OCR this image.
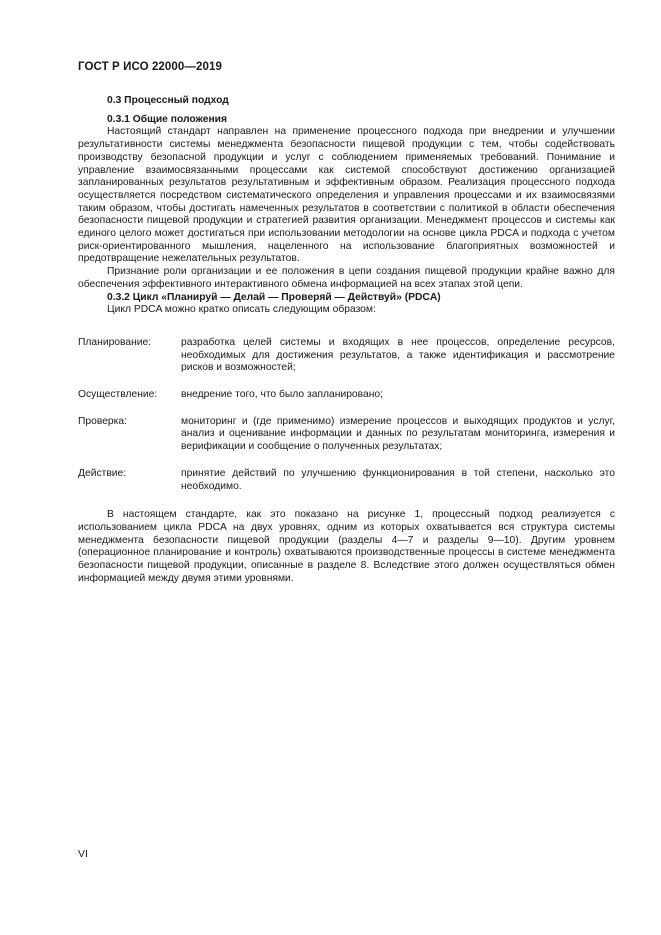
ГОСТ Р ИСО 22000—2019
0.3 Процессный подход
0.3.1 Общие положения

Настоящий стандарт направлен на применение процессного подхода при внедрении и улучшении результативности системы менеджмента безопасности пищевой продукции с тем, чтобы содействовать производству безопасной продукции и услуг с соблюдением применяемых требований. Понимание и управление взаимосвязанными процессами как системой способствуют достижению организацией запланированных результатов результативным и эффективным образом. Реализация процессного подхода осуществляется посредством систематического определения и управления процессами и их взаимосвязями таким образом, чтобы достигать намеченных результатов в соответствии с политикой в области обеспечения безопасности пищевой продукции и стратегией развития организации. Менеджмент процессов и системы как единого целого может достигаться при использовании методологии на основе цикла PDCA и подхода с учетом риск-ориентированного мышления, нацеленного на использование благоприятных возможностей и предотвращение нежелательных результатов.

Признание роли организации и ее положения в цепи создания пищевой продукции крайне важно для обеспечения эффективного интерактивного обмена информацией на всех этапах этой цепи.

0.3.2 Цикл «Планируй — Делай — Проверяй — Действуй» (PDCA)

Цикл PDCA можно кратко описать следующим образом:

Планирование:	разработка целей системы и входящих в нее процессов, определение ресурсов, необходимых для достижения результатов, а также идентификация и рассмотрение рисков и возможностей;
Осуществление:	внедрение того, что было запланировано;
Проверка:	мониторинг и (где применимо) измерение процессов и выходящих продуктов и услуг, анализ и оценивание информации и данных по результатам мониторинга, измерения и верификации и сообщение о полученных результатах;
Действие:	принятие действий по улучшению функционирования в той степени, насколько это необходимо.

В настоящем стандарте, как это показано на рисунке 1, процессный подход реализуется с использованием цикла PDCA на двух уровнях, одним из которых охватывается вся структура системы менеджмента безопасности пищевой продукции (разделы 4—7 и разделы 9—10). Другим уровнем (операционное планирование и контроль) охватываются производственные процессы в системе менеджмента безопасности пищевой продукции, описанные в разделе 8. Вследствие этого должен осуществляться обмен информацией между двумя этими уровнями.

VI
